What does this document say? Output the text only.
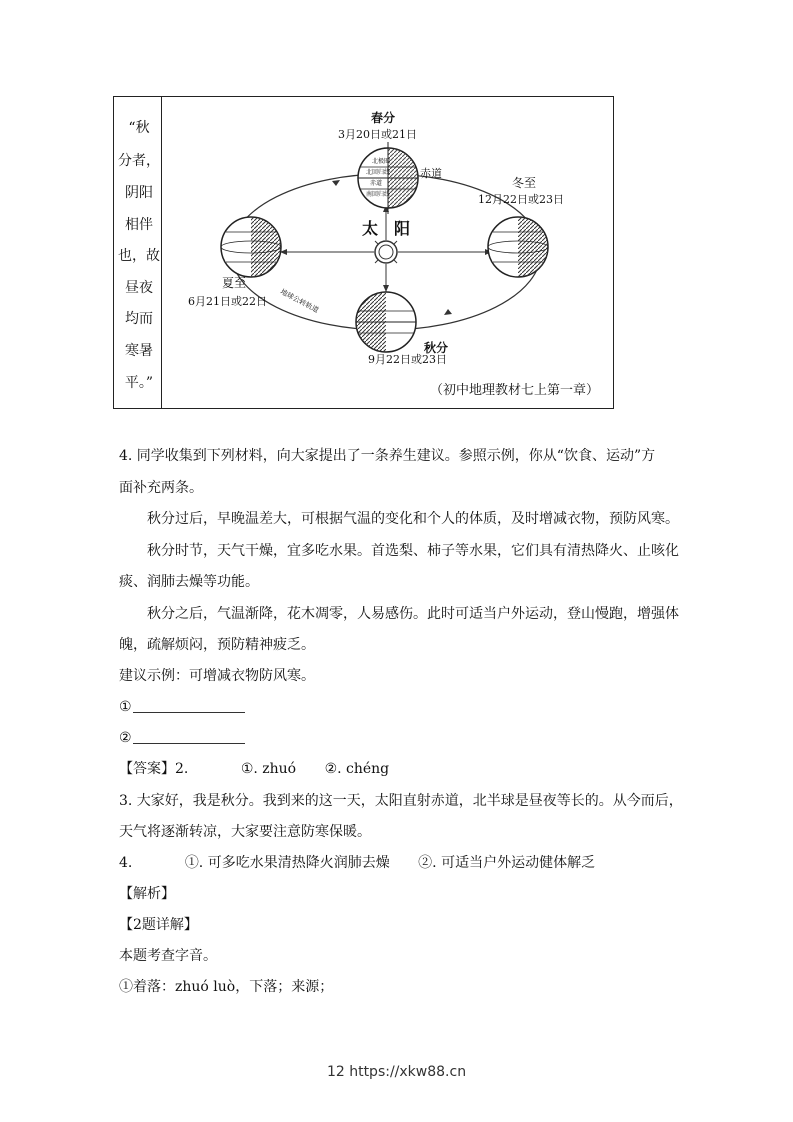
“秋
分者，
阴阳
相伴
也，故
昼夜
均而
寒暑
平。”
太　阳
北极圈
北回归线
赤道
南回归线
春分
3月20日或21日
赤道
夏至
6月21日或22日
秋分
9月22日或23日
地球公转轨道
冬至
12月22日或23日
（初中地理教材七上第一章）
4. 同学收集到下列材料，向大家提出了一条养生建议。参照示例，你从“饮食、运动”方
面补充两条。
秋分过后，早晚温差大，可根据气温的变化和个人的体质，及时增减衣物，预防风寒。
秋分时节，天气干燥，宜多吃水果。首选梨、柿子等水果，它们具有清热降火、止咳化
痰、润肺去燥等功能。
秋分之后，气温渐降，花木凋零，人易感伤。此时可适当户外运动，登山慢跑，增强体
魄，疏解烦闷，预防精神疲乏。
建议示例：可增减衣物防风寒。
①
②
【答案】2.	①. zhuó ②. chéng
3. 大家好，我是秋分。我到来的这一天，太阳直射赤道，北半球是昼夜等长的。从今而后，
天气将逐渐转凉，大家要注意防寒保暖。
4.	①. 可多吃水果清热降火润肺去燥 ②. 可适当户外运动健体解乏
【解析】
【2题详解】
本题考查字音。
①着落：zhuó luò，下落；来源；
12 https://xkw88.cn
